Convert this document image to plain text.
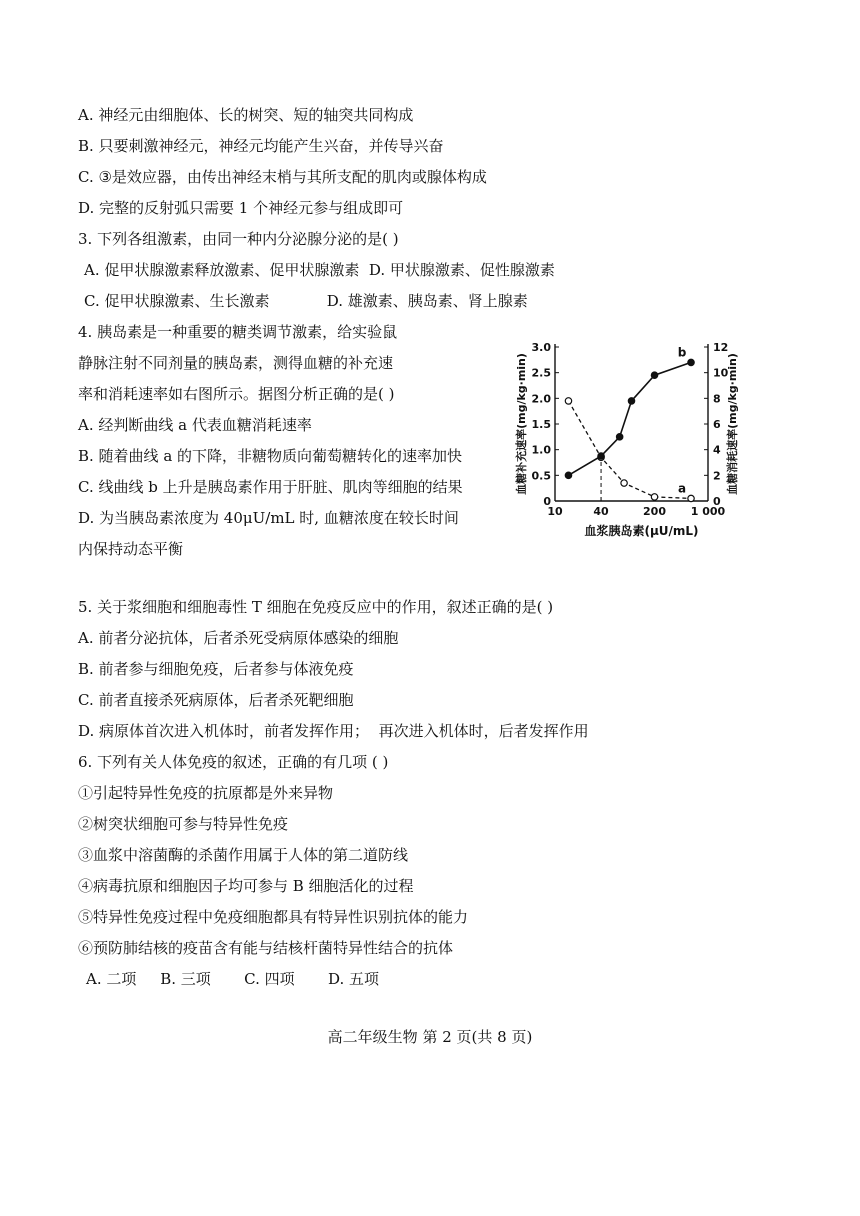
A. 神经元由细胞体、长的树突、短的轴突共同构成
B. 只要刺激神经元，神经元均能产生兴奋，并传导兴奋
C. ③是效应器，由传出神经末梢与其所支配的肌肉或腺体构成
D. 完整的反射弧只需要 1 个神经元参与组成即可
3. 下列各组激素，由同一种内分泌腺分泌的是( )
A. 促甲状腺激素释放激素、促甲状腺激素  D. 甲状腺激素、促性腺激素
C. 促甲状腺激素、生长激素            D. 雄激素、胰岛素、肾上腺素
4. 胰岛素是一种重要的糖类调节激素，给实验鼠
静脉注射不同剂量的胰岛素，测得血糖的补充速
率和消耗速率如右图所示。据图分析正确的是( )
A. 经判断曲线 a 代表血糖消耗速率
B. 随着曲线 a 的下降，非糖物质向葡萄糖转化的速率加快
C. 线曲线 b 上升是胰岛素作用于肝脏、肌肉等细胞的结果
D. 为当胰岛素浓度为 40μU/mL 时, 血糖浓度在较长时间
内保持动态平衡
0
0.5
1.0
1.5
2.0
2.5
3.0
0
2
4
6
8
10
12
10	40	200 1 000
血浆胰岛素(μU/mL)
血糖补充速率(mg/kg·min)	血糖消耗速率(mg/kg·min)
a
b
5. 关于浆细胞和细胞毒性 T 细胞在免疫反应中的作用，叙述正确的是( )
A. 前者分泌抗体，后者杀死受病原体感染的细胞
B. 前者参与细胞免疫，后者参与体液免疫
C. 前者直接杀死病原体，后者杀死靶细胞
D. 病原体首次进入机体时，前者发挥作用；  再次进入机体时，后者发挥作用
6. 下列有关人体免疫的叙述，正确的有几项 ( )
①引起特异性免疫的抗原都是外来异物
②树突状细胞可参与特异性免疫
③血浆中溶菌酶的杀菌作用属于人体的第二道防线
④病毒抗原和细胞因子均可参与 B 细胞活化的过程
⑤特异性免疫过程中免疫细胞都具有特异性识别抗体的能力
⑥预防肺结核的疫苗含有能与结核杆菌特异性结合的抗体
A. 二项     B. 三项       C. 四项       D. 五项
高二年级生物 第 2 页(共 8 页)
